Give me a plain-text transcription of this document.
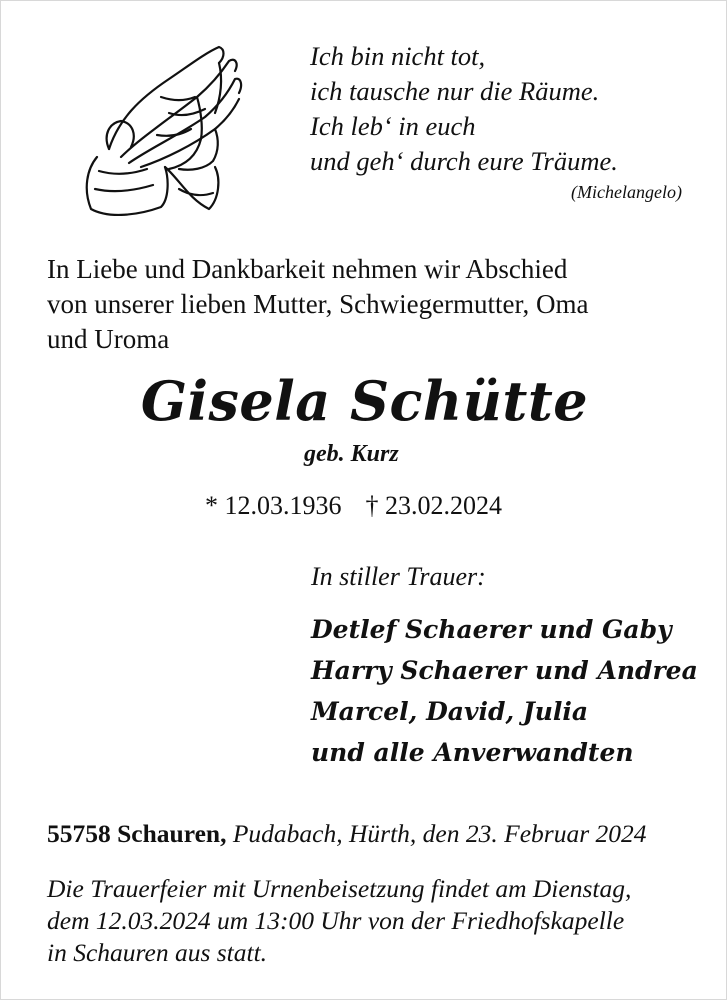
Ich bin nicht tot,
ich tausche nur die Räume.
Ich leb‘ in euch
und geh‘ durch eure Träume.
(Michelangelo)
In Liebe und Dankbarkeit nehmen wir Abschied
von unserer lieben Mutter, Schwiegermutter, Oma
und Uroma
Gisela Schütte
geb. Kurz
* 12.03.1936 † 23.02.2024
In stiller Trauer:
Detlef Schaerer und Gaby
Harry Schaerer und Andrea
Marcel, David, Julia
und alle Anverwandten
55758 Schauren, Pudabach, Hürth, den 23. Februar 2024
Die Trauerfeier mit Urnenbeisetzung findet am Dienstag,
dem 12.03.2024 um 13:00 Uhr von der Friedhofskapelle
in Schauren aus statt.
